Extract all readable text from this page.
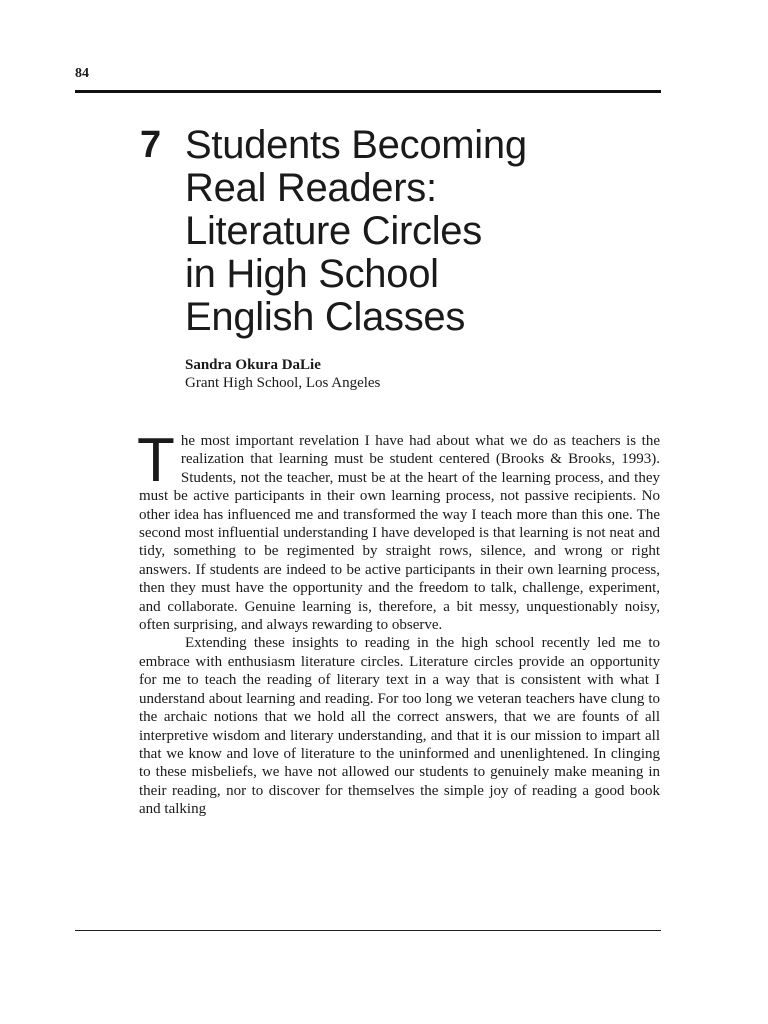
84
7 Students Becoming
Real Readers:
Literature Circles
in High School
English Classes
Sandra Okura DaLie
Grant High School, Los Angeles

The most important revelation I have had about what we do as teachers is the realization that learning must be student centered (Brooks & Brooks, 1993). Students, not the teacher, must be at the heart of the learning process, and they must be active participants in their own learning process, not passive recipients. No other idea has influenced me and transformed the way I teach more than this one. The second most influential understanding I have developed is that learning is not neat and tidy, something to be regimented by straight rows, silence, and wrong or right answers. If students are indeed to be active participants in their own learning process, then they must have the opportunity and the freedom to talk, challenge, experiment, and collaborate. Genuine learning is, therefore, a bit messy, unquestionably noisy, often surprising, and always rewarding to observe.

Extending these insights to reading in the high school recently led me to embrace with enthusiasm literature circles. Literature circles provide an opportunity for me to teach the reading of literary text in a way that is consistent with what I understand about learning and reading. For too long we veteran teachers have clung to the archaic notions that we hold all the correct answers, that we are founts of all interpretive wisdom and literary understanding, and that it is our mission to impart all that we know and love of literature to the uninformed and unenlightened. In clinging to these misbeliefs, we have not allowed our students to genuinely make meaning in their reading, nor to discover for themselves the simple joy of reading a good book and talking
